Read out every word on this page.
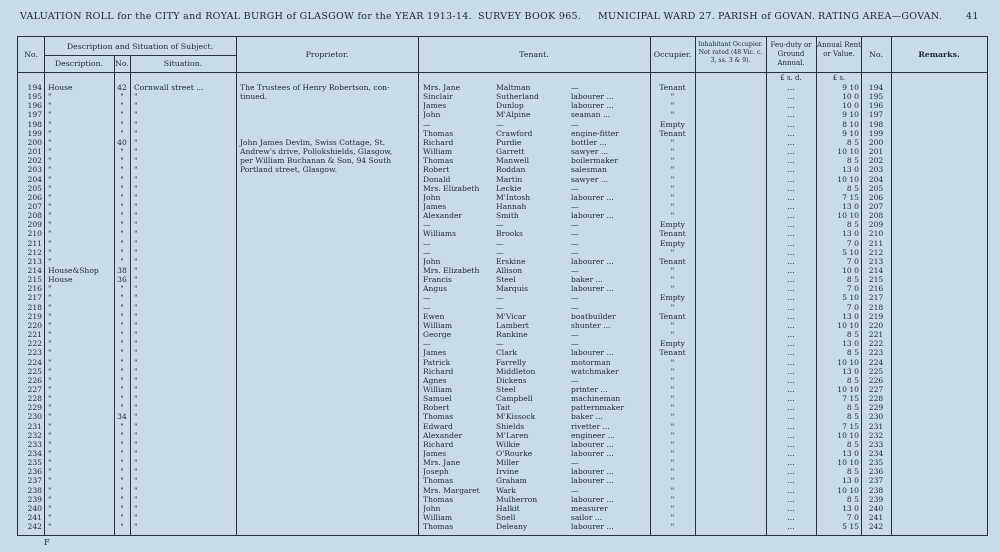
VALUATION ROLL for the CITY and ROYAL BURGH of GLASGOW for the YEAR 1913-14. SURVEY BOOK 965. MUNICIPAL WARD 27. PARISH of GOVAN. RATING AREA—GOVAN.	41
No.
Description and Situation of Subject.
Description.	No.	Situation.
Proprietor.	Tenant.	Occupier.
Inhabitant Occupier. Not rated (48 Vic. c. 3, ss. 3 & 9).
Feu-duty or Ground Annual.
Annual Rent or Value.	No.	Remarks.
£ s. d.	£ s.
The Trustees of Henry Robertson, con-
tinued.
John James Devlin, Swiss Cottage, St.
Andrew's drive, Pollokshields, Glasgow,
per William Buchanan & Son, 94 South
Portland street, Glasgow.
194 House	42 Cornwall street ...	Mrs. Jane	Maltman	—	Tenant	...	9 10	194
195 "	"	"	Sinclair	Sutherland	labourer ...	"	...	10 0	195
196 "	"	"	James	Dunlop	labourer ...	"	...	10 0	196
197 "	"	"	John	M'Alpine	seaman ...	"	...	9 10	197
198 "	"	"	—	—	—	Empty	...	8 10	198
199 "	"	"	Thomas	Crawford	engine-fitter	Tenant	...	9 10	199
200 "	40 "	Richard	Purdie	bottler ...	"	...	8 5	200
201 "	"	"	William	Garrett	sawyer ...	"	...	10 10	201
202 "	"	"	Thomas	Manwell	boilermaker	"	...	8 5	202
203 "	"	"	Robert	Roddan	salesman	"	...	13 0	203
204 "	"	"	Donald	Martin	sawyer ...	"	...	10 10	204
205 "	"	"	Mrs. Elizabeth	Leckie	—	"	...	8 5	205
206 "	"	"	John	M'Intosh	labourer ...	"	...	7 15	206
207 "	"	"	James	Hannah	—	"	...	13 0	207
208 "	"	"	Alexander	Smith	labourer ...	"	...	10 10	208
209 "	"	"	—	—	—	Empty	...	8 5	209
210 "	"	"	Williams	Brooks	—	Tenant	...	13 0	210
211 "	"	"	—	—	—	Empty	...	7 0	211
212 "	"	"	—	—	—	"	...	5 10	212
213 "	"	"	John	Erskine	labourer ...	Tenant	...	7 0	213
214 House&Shop	38 "	Mrs. Elizabeth	Allison	—	"	...	10 0	214
215 House	36 "	Francis	Steel	baker ...	"	...	8 5	215
216 "	"	"	Angus	Marquis	labourer ...	"	...	7 0	216
217 "	"	"	—	—	—	Empty	...	5 10	217
218 "	"	"	—	—	—	"	...	7 0	218
219 "	"	"	Ewen	M'Vicar	boatbuilder	Tenant	...	13 0	219
220 "	"	"	William	Lambert	shunter ...	"	...	10 10	220
221 "	"	"	George	Rankine	—	"	...	8 5	221
222 "	"	"	—	—	—	Empty	...	13 0	222
223 "	"	"	James	Clark	labourer ...	Tenant	...	8 5	223
224 "	"	"	Patrick	Farrelly	motorman	"	...	10 10	224
225 "	"	"	Richard	Middleton	watchmaker	"	...	13 0	225
226 "	"	"	Agnes	Dickens	—	"	...	8 5	226
227 "	"	"	William	Steel	printer ...	"	...	10 10	227
228 "	"	"	Samuel	Campbell	machineman	"	...	7 15	228
229 "	"	"	Robert	Tait	patternmaker	"	...	8 5	229
230 "	34 "	Thomas	M'Kissock	baker ...	"	...	8 5	230
231 "	"	"	Edward	Shields	rivetter ...	"	...	7 15	231
232 "	"	"	Alexander	M'Laren	engineer ...	"	...	10 10	232
233 "	"	"	Richard	Wilkie	labourer ...	"	...	8 5	233
234 "	"	"	James	O'Rourke	labourer ...	"	...	13 0	234
235 "	"	"	Mrs. Jane	Miller	—	"	...	10 10	235
236 "	"	"	Joseph	Irvine	labourer ...	"	...	8 5	236
237 "	"	"	Thomas	Graham	labourer ...	"	...	13 0	237
238 "	"	"	Mrs. Margaret	Wark	—	"	...	10 10	238
239 "	"	"	Thomas	Mulherron	labourer ...	"	...	8 5	239
240 "	"	"	John	Halkit	measurer	"	...	13 0	240
241 "	"	"	William	Snell	sailor ...	"	...	7 0	241
242 "	"	"	Thomas	Deleany	labourer ...	"	...	5 15	242
F
